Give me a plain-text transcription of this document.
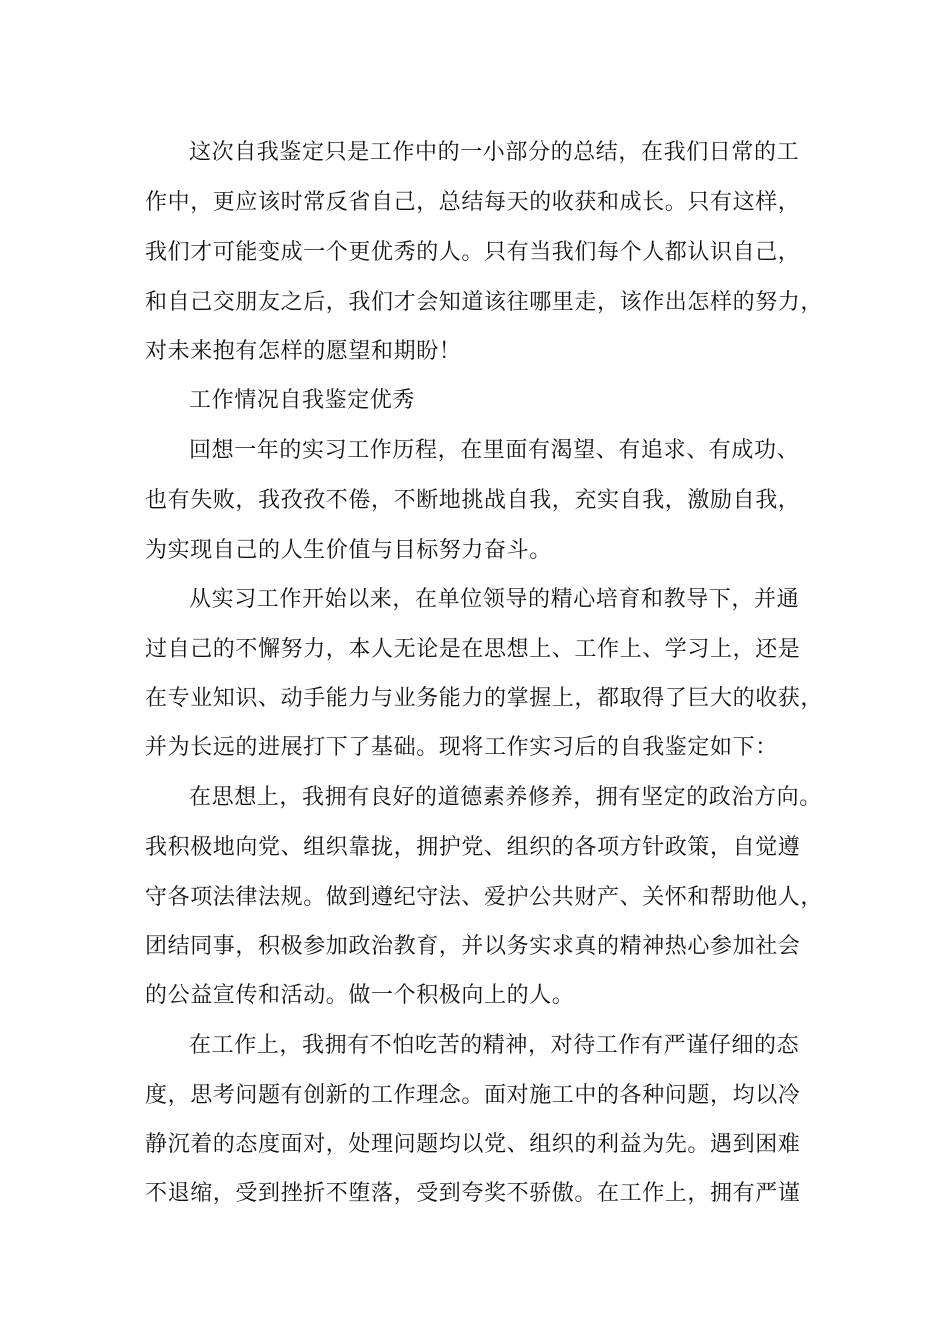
这次自我鉴定只是工作中的一小部分的总结，在我们日常的工
作中，更应该时常反省自己，总结每天的收获和成长。只有这样，
我们才可能变成一个更优秀的人。只有当我们每个人都认识自己，
和自己交朋友之后，我们才会知道该往哪里走，该作出怎样的努力，
对未来抱有怎样的愿望和期盼！
工作情况自我鉴定优秀
回想一年的实习工作历程，在里面有渴望、有追求、有成功、
也有失败，我孜孜不倦，不断地挑战自我，充实自我，激励自我，
为实现自己的人生价值与目标努力奋斗。
从实习工作开始以来，在单位领导的精心培育和教导下，并通
过自己的不懈努力，本人无论是在思想上、工作上、学习上，还是
在专业知识、动手能力与业务能力的掌握上，都取得了巨大的收获，
并为长远的进展打下了基础。现将工作实习后的自我鉴定如下：
在思想上，我拥有良好的道德素养修养，拥有坚定的政治方向。
我积极地向党、组织靠拢，拥护党、组织的各项方针政策，自觉遵
守各项法律法规。做到遵纪守法、爱护公共财产、关怀和帮助他人，
团结同事，积极参加政治教育，并以务实求真的精神热心参加社会
的公益宣传和活动。做一个积极向上的人。
在工作上，我拥有不怕吃苦的精神，对待工作有严谨仔细的态
度，思考问题有创新的工作理念。面对施工中的各种问题，均以冷
静沉着的态度面对，处理问题均以党、组织的利益为先。遇到困难
不退缩，受到挫折不堕落，受到夸奖不骄傲。在工作上，拥有严谨
